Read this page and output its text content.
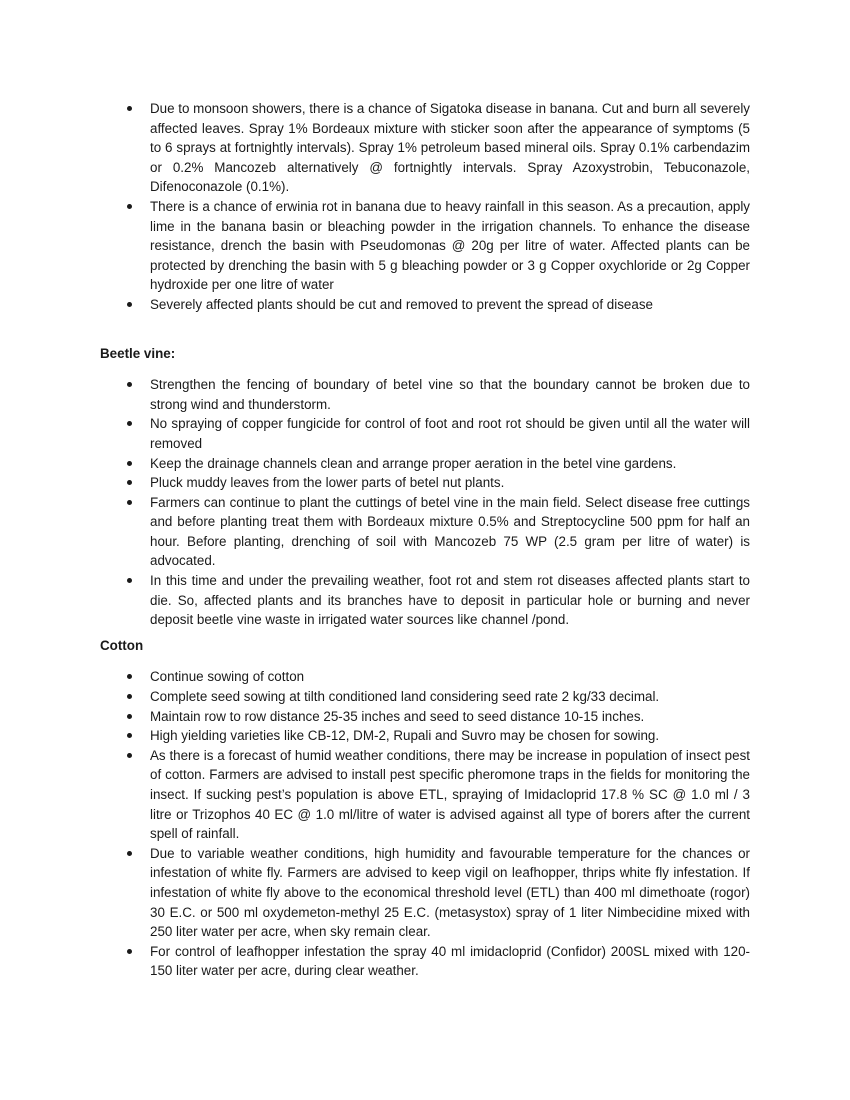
Due to monsoon showers, there is a chance of Sigatoka disease in banana. Cut and burn all severely affected leaves. Spray 1% Bordeaux mixture with sticker soon after the appearance of symptoms (5 to 6 sprays at fortnightly intervals). Spray 1% petroleum based mineral oils. Spray 0.1% carbendazim or 0.2% Mancozeb alternatively @ fortnightly intervals. Spray Azoxystrobin, Tebuconazole, Difenoconazole (0.1%).
There is a chance of erwinia rot in banana due to heavy rainfall in this season. As a precaution, apply lime in the banana basin or bleaching powder in the irrigation channels. To enhance the disease resistance, drench the basin with Pseudomonas @ 20g per litre of water. Affected plants can be protected by drenching the basin with 5 g bleaching powder or 3 g Copper oxychloride or 2g Copper hydroxide per one litre of water
Severely affected plants should be cut and removed to prevent the spread of disease
Beetle vine:
Strengthen the fencing of boundary of betel vine so that the boundary cannot be broken due to strong wind and thunderstorm.
No spraying of copper fungicide for control of foot and root rot should be given until all the water will removed
Keep the drainage channels clean and arrange proper aeration in the betel vine gardens.
Pluck muddy leaves from the lower parts of betel nut plants.
Farmers can continue to plant the cuttings of betel vine in the main field. Select disease free cuttings and before planting treat them with Bordeaux mixture 0.5% and Streptocycline 500 ppm for half an hour. Before planting, drenching of soil with Mancozeb 75 WP (2.5 gram per litre of water) is advocated.
In this time and under the prevailing weather, foot rot and stem rot diseases affected plants start to die. So, affected plants and its branches have to deposit in particular hole or burning and never deposit beetle vine waste in irrigated water sources like channel /pond.
Cotton
Continue sowing of cotton
Complete seed sowing at tilth conditioned land considering seed rate 2 kg/33 decimal.
Maintain row to row distance 25-35 inches and seed to seed distance 10-15 inches.
High yielding varieties like CB-12, DM-2, Rupali and Suvro may be chosen for sowing.
As there is a forecast of humid weather conditions, there may be increase in population of insect pest of cotton. Farmers are advised to install pest specific pheromone traps in the fields for monitoring the insect. If sucking pest’s population is above ETL, spraying of Imidacloprid 17.8 % SC @ 1.0 ml / 3 litre or Trizophos 40 EC @ 1.0 ml/litre of water is advised against all type of borers after the current spell of rainfall.
Due to variable weather conditions, high humidity and favourable temperature for the chances or infestation of white fly. Farmers are advised to keep vigil on leafhopper, thrips white fly infestation. If infestation of white fly above to the economical threshold level (ETL) than 400 ml dimethoate (rogor) 30 E.C. or 500 ml oxydemeton-methyl 25 E.C. (metasystox) spray of 1 liter Nimbecidine mixed with 250 liter water per acre, when sky remain clear.
For control of leafhopper infestation the spray 40 ml imidacloprid (Confidor) 200SL mixed with 120-150 liter water per acre, during clear weather.
